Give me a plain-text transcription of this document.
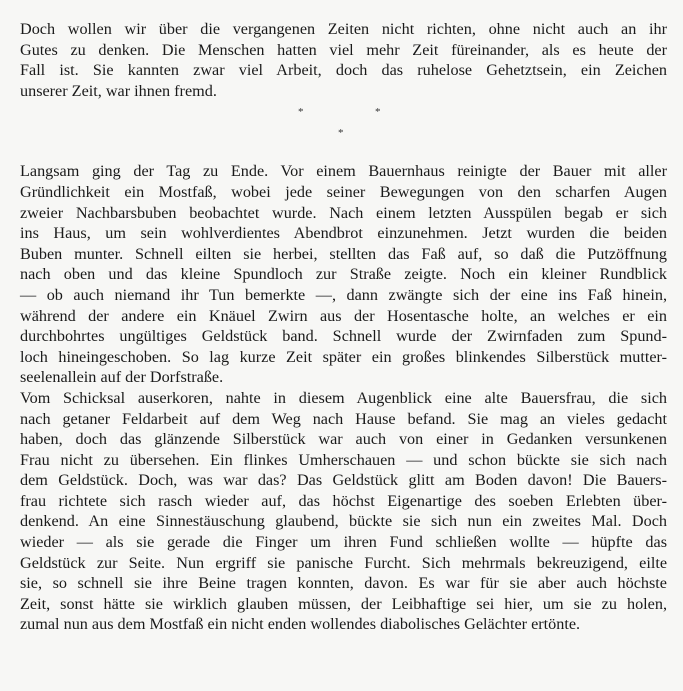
Doch wollen wir über die vergangenen Zeiten nicht richten, ohne nicht auch an ihr
Gutes zu denken. Die Menschen hatten viel mehr Zeit füreinander, als es heute der
Fall ist. Sie kannten zwar viel Arbeit, doch das ruhelose Gehetztsein, ein Zeichen
unserer Zeit, war ihnen fremd.

*	*
*

Langsam ging der Tag zu Ende. Vor einem Bauernhaus reinigte der Bauer mit aller
Gründlichkeit ein Mostfaß, wobei jede seiner Bewegungen von den scharfen Augen
zweier Nachbarsbuben beobachtet wurde. Nach einem letzten Ausspülen begab er sich
ins Haus, um sein wohlverdientes Abendbrot einzunehmen. Jetzt wurden die beiden
Buben munter. Schnell eilten sie herbei, stellten das Faß auf, so daß die Putzöffnung
nach oben und das kleine Spundloch zur Straße zeigte. Noch ein kleiner Rundblick
— ob auch niemand ihr Tun bemerkte —, dann zwängte sich der eine ins Faß hinein,
während der andere ein Knäuel Zwirn aus der Hosentasche holte, an welches er ein
durchbohrtes ungültiges Geldstück band. Schnell wurde der Zwirnfaden zum Spund-
loch hineingeschoben. So lag kurze Zeit später ein großes blinkendes Silberstück mutter-
seelenallein auf der Dorfstraße.

Vom Schicksal auserkoren, nahte in diesem Augenblick eine alte Bauersfrau, die sich
nach getaner Feldarbeit auf dem Weg nach Hause befand. Sie mag an vieles gedacht
haben, doch das glänzende Silberstück war auch von einer in Gedanken versunkenen
Frau nicht zu übersehen. Ein flinkes Umherschauen — und schon bückte sie sich nach
dem Geldstück. Doch, was war das? Das Geldstück glitt am Boden davon! Die Bauers-
frau richtete sich rasch wieder auf, das höchst Eigenartige des soeben Erlebten über-
denkend. An eine Sinnestäuschung glaubend, bückte sie sich nun ein zweites Mal. Doch
wieder — als sie gerade die Finger um ihren Fund schließen wollte — hüpfte das
Geldstück zur Seite. Nun ergriff sie panische Furcht. Sich mehrmals bekreuzigend, eilte
sie, so schnell sie ihre Beine tragen konnten, davon. Es war für sie aber auch höchste
Zeit, sonst hätte sie wirklich glauben müssen, der Leibhaftige sei hier, um sie zu holen,
zumal nun aus dem Mostfaß ein nicht enden wollendes diabolisches Gelächter ertönte.
